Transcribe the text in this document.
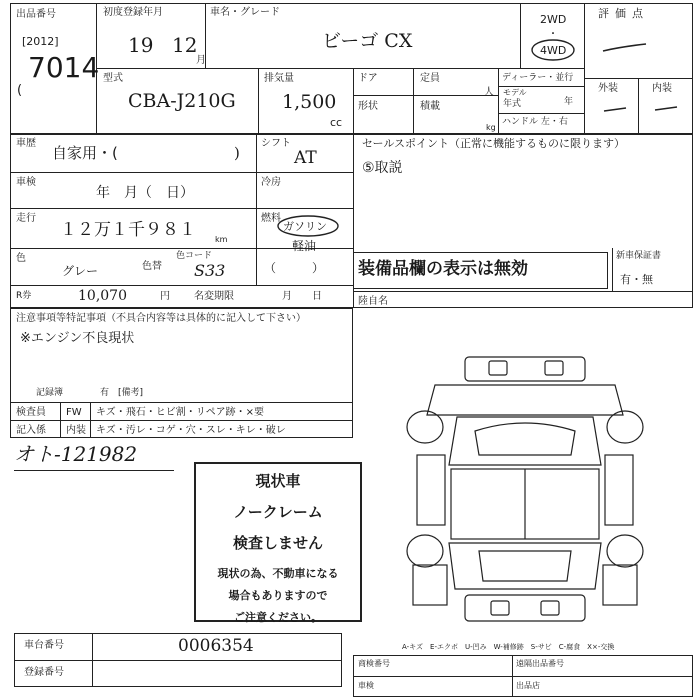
出品番号
[2012]
7014
(
初度登録年月
19 12
月
車名・グレード
ビーゴ CX
2WD
・
4WD
評価点
型式
CBA-J210G
排気量
1,500
cc
ドア	定員
人
形状	積載
kg
ディーラー・並行
モデル
年式	年
ハンドル 左・右
外装	内装
車歴
自家用・(	)
シフト
AT
セールスポイント（正常に機能するものに限ります）
⑤取説
車検
年　月（　日）
冷房
走行
１２万１千９８１ km
燃料
ガソリン
軽油
（　　　）
色
グレー	色替
色コード
S33	装備品欄の表示は無効
新車保証書
有・無
R券	10,070	円 名変期限	月　　日	陸自名
注意事項等特記事項（不具合内容等は具体的に記入して下さい）
※エンジン不良現状
記録簿	有 [備考]
検査員 FW キズ・飛石・ヒビ割・リペア跡・×要
記入係 内装 キズ・汚レ・コゲ・穴・スレ・キレ・破レ
オト-121982
現状車
ノークレーム
検査しません
現状の為、不動車になる
場合もありますので
ご注意ください。
車台番号	0006354
登録番号
A-キズ　E-エクボ　U-凹み　W-補修跡　S-サビ　C-腐食　X×-交換
商検番号
車検
遠隔出品番号
出品店
